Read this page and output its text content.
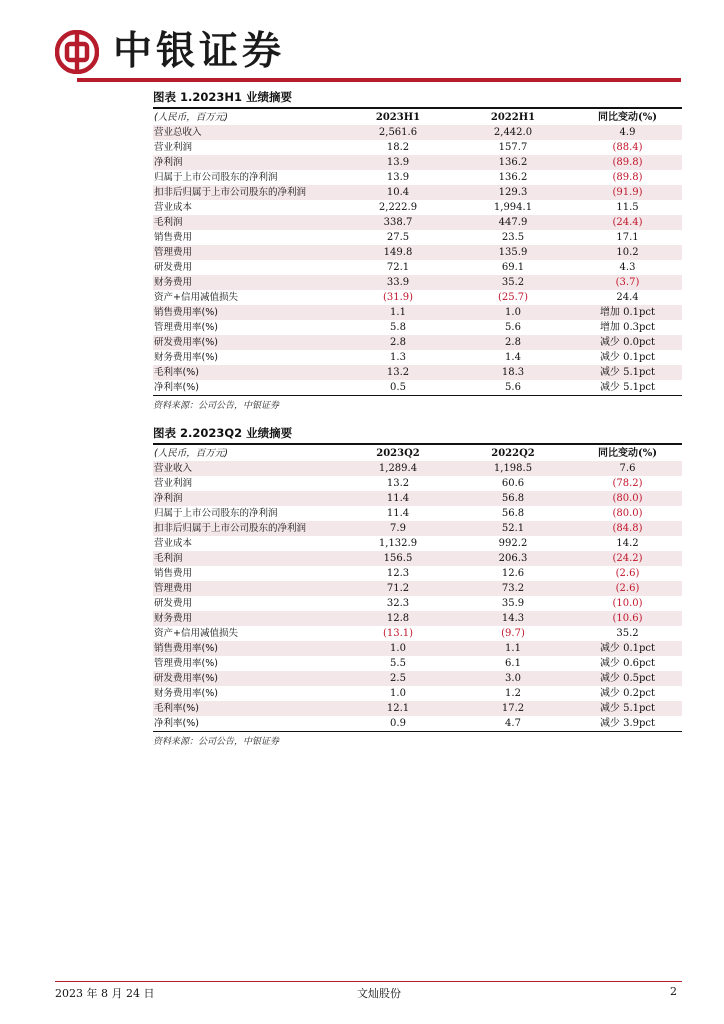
中银证券
图表 1.2023H1 业绩摘要
(人民币，百万元)	2023H1	2022H1	同比变动(%)
营业总收入	2,561.6	2,442.0	4.9
营业利润	18.2	157.7	(88.4)
净利润	13.9	136.2	(89.8)
归属于上市公司股东的净利润	13.9	136.2	(89.8)
扣非后归属于上市公司股东的净利润	10.4	129.3	(91.9)
营业成本	2,222.9	1,994.1	11.5
毛利润	338.7	447.9	(24.4)
销售费用	27.5	23.5	17.1
管理费用	149.8	135.9	10.2
研发费用	72.1	69.1	4.3
财务费用	33.9	35.2	(3.7)
资产+信用减值损失	(31.9)	(25.7)	24.4
销售费用率(%)	1.1	1.0	增加 0.1pct
管理费用率(%)	5.8	5.6	增加 0.3pct
研发费用率(%)	2.8	2.8	减少 0.0pct
财务费用率(%)	1.3	1.4	减少 0.1pct
毛利率(%)	13.2	18.3	减少 5.1pct
净利率(%)	0.5	5.6	减少 5.1pct
资料来源：公司公告，中银证券
图表 2.2023Q2 业绩摘要
(人民币，百万元)	2023Q2	2022Q2	同比变动(%)
营业收入	1,289.4	1,198.5	7.6
营业利润	13.2	60.6	(78.2)
净利润	11.4	56.8	(80.0)
归属于上市公司股东的净利润	11.4	56.8	(80.0)
扣非后归属于上市公司股东的净利润	7.9	52.1	(84.8)
营业成本	1,132.9	992.2	14.2
毛利润	156.5	206.3	(24.2)
销售费用	12.3	12.6	(2.6)
管理费用	71.2	73.2	(2.6)
研发费用	32.3	35.9	(10.0)
财务费用	12.8	14.3	(10.6)
资产+信用减值损失	(13.1)	(9.7)	35.2
销售费用率(%)	1.0	1.1	减少 0.1pct
管理费用率(%)	5.5	6.1	减少 0.6pct
研发费用率(%)	2.5	3.0	减少 0.5pct
财务费用率(%)	1.0	1.2	减少 0.2pct
毛利率(%)	12.1	17.2	减少 5.1pct
净利率(%)	0.9	4.7	减少 3.9pct
资料来源：公司公告，中银证券
2023 年 8 月 24 日	文灿股份	2
